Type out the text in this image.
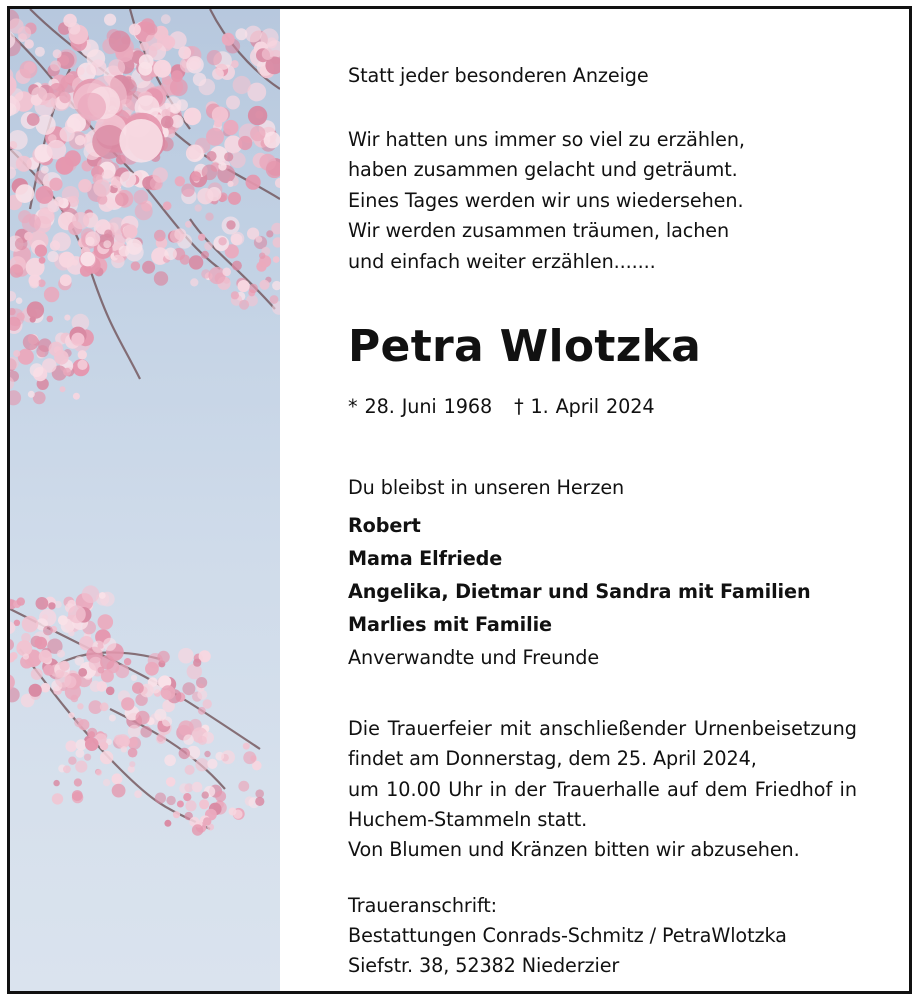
Statt jeder besonderen Anzeige
Wir hatten uns immer so viel zu erzählen,
haben zusammen gelacht und geträumt.
Eines Tages werden wir uns wiedersehen.
Wir werden zusammen träumen, lachen
und einfach weiter erzählen.......
Petra Wlotzka
* 28. Juni 1968 † 1. April 2024
Du bleibst in unseren Herzen
Robert
Mama Elfriede
Angelika, Dietmar und Sandra mit Familien
Marlies mit Familie
Anverwandte und Freunde
Die Trauerfeier mit anschließender Urnenbeisetzung
findet am Donnerstag, dem 25. April 2024,
um 10.00 Uhr in der Trauerhalle auf dem Friedhof in
Huchem-Stammeln statt.
Von Blumen und Kränzen bitten wir abzusehen.
Traueranschrift:
Bestattungen Conrads-Schmitz / PetraWlotzka
Siefstr. 38, 52382 Niederzier
